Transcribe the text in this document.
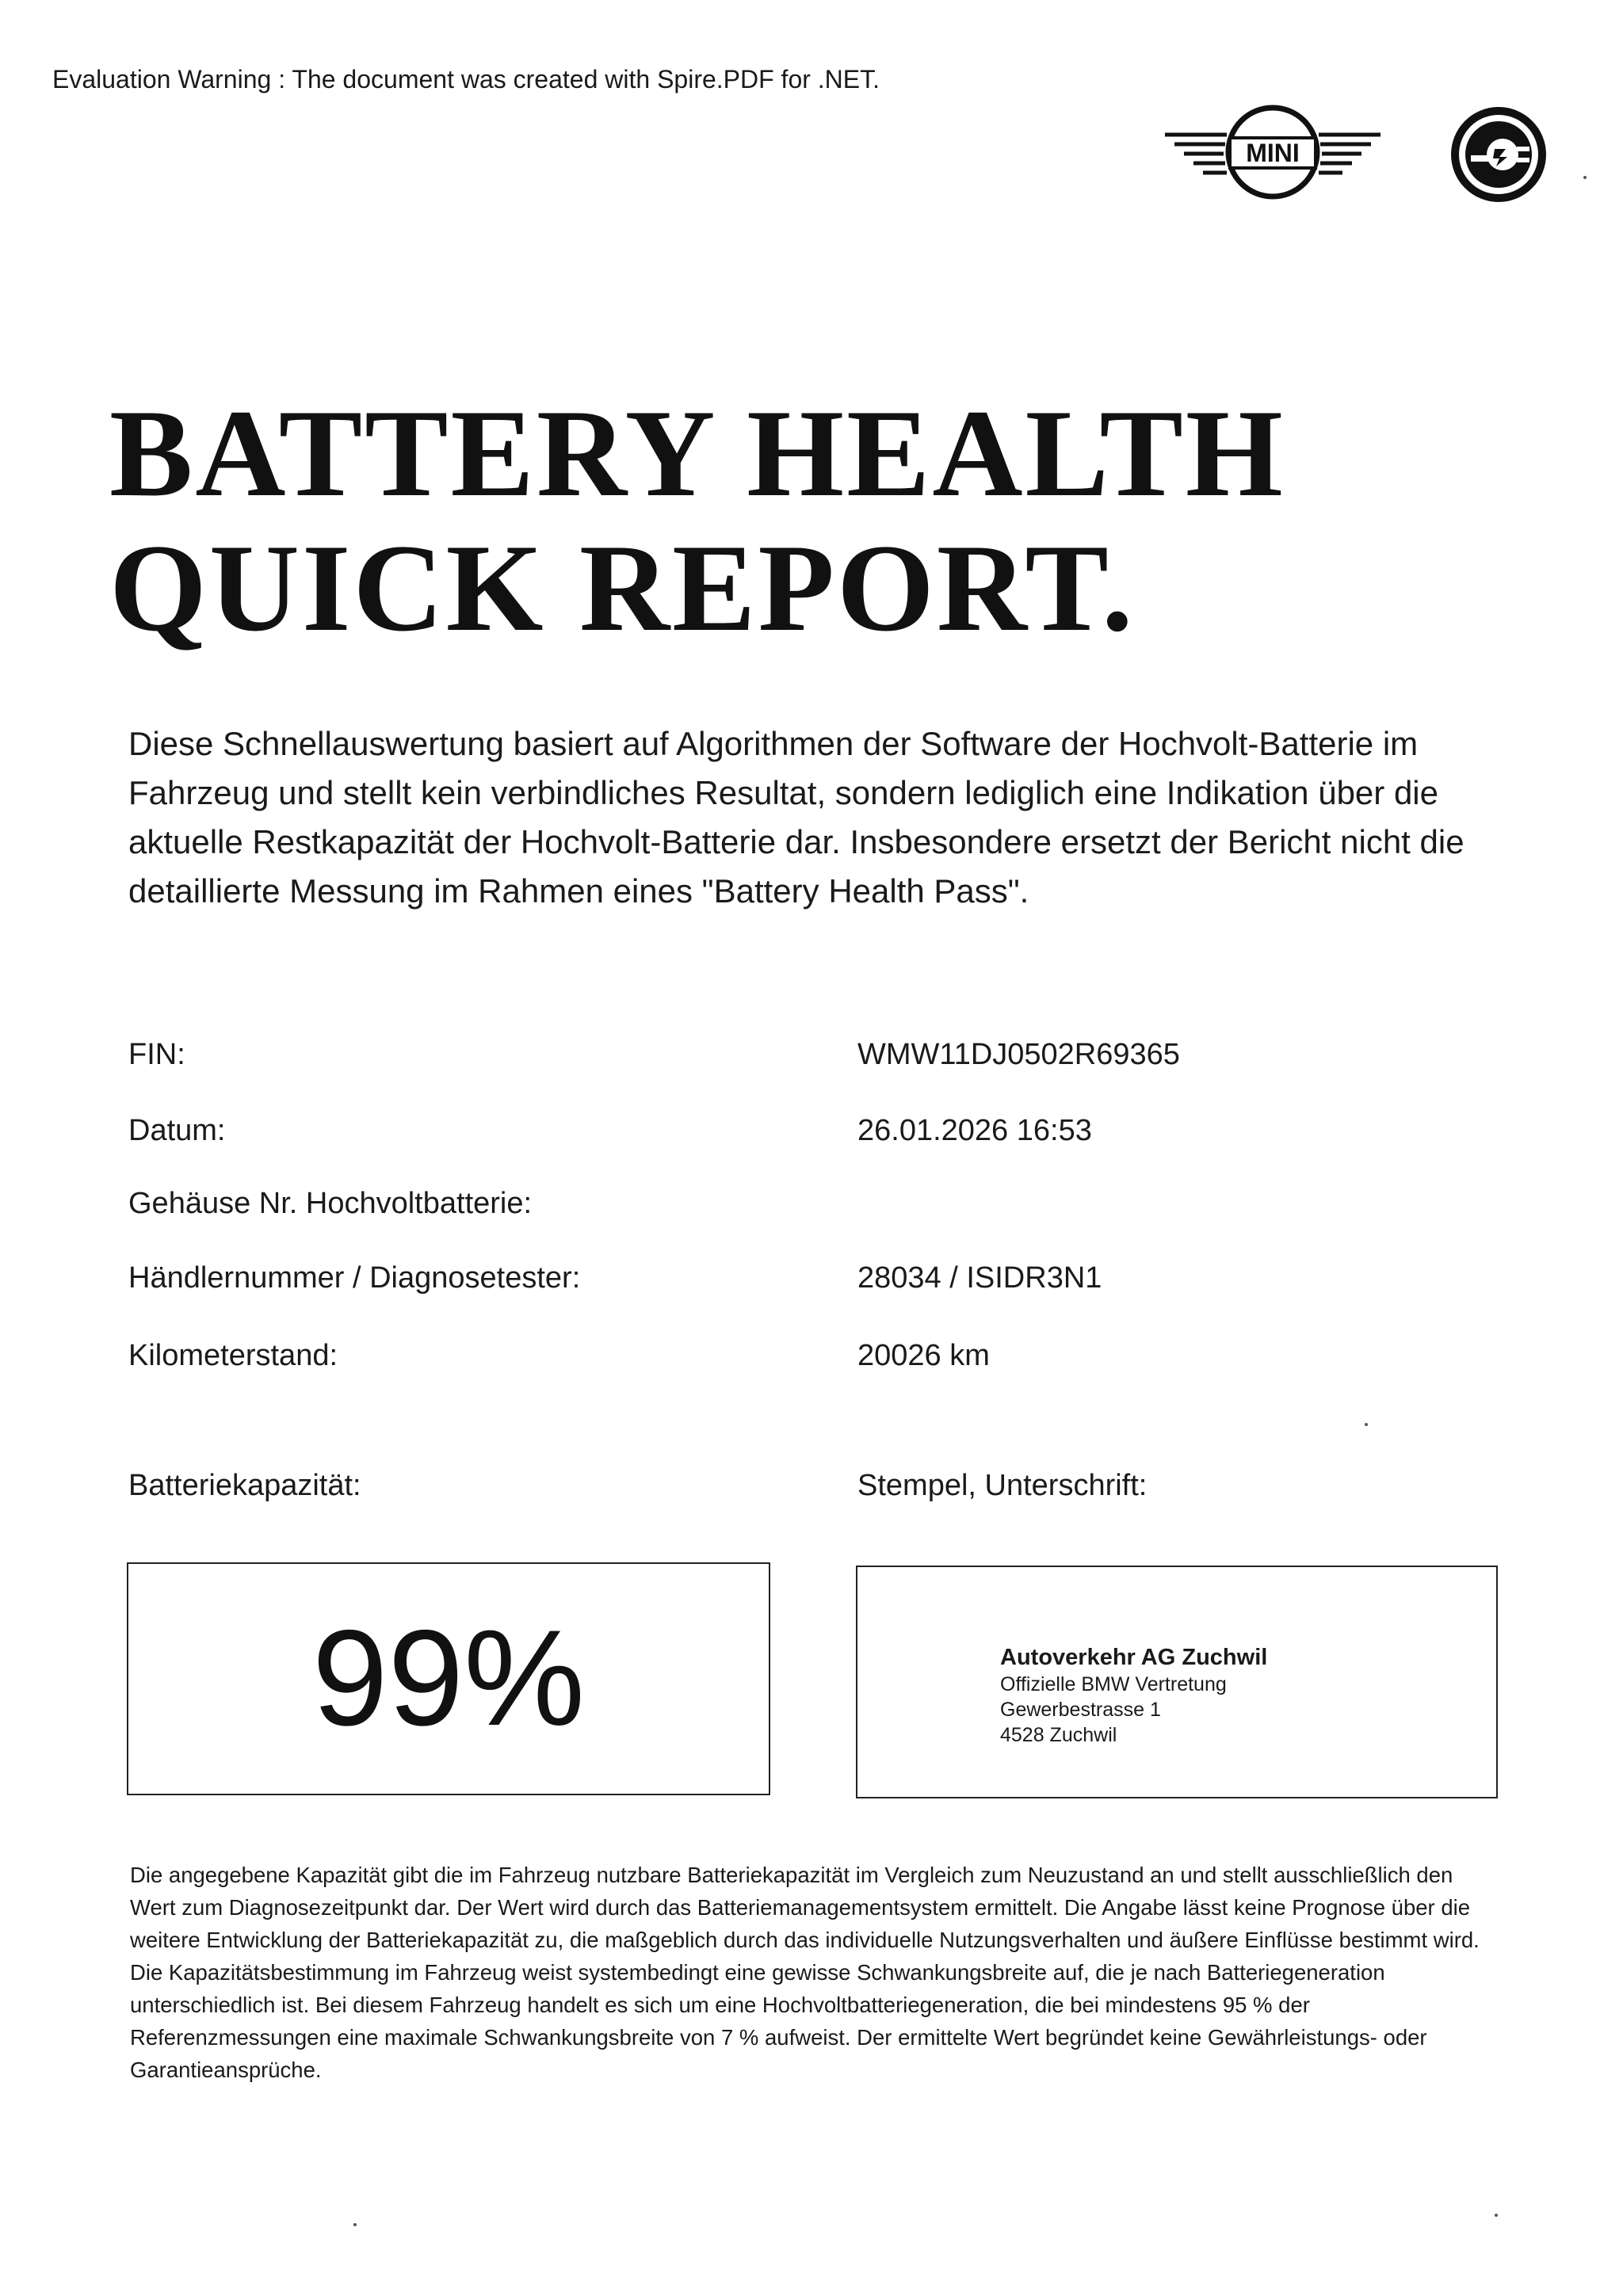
Evaluation Warning : The document was created with Spire.PDF for .NET.
MINI
BATTERY HEALTH
QUICK REPORT.
Diese Schnellauswertung basiert auf Algorithmen der Software der Hochvolt-Batterie im Fahrzeug und stellt kein verbindliches Resultat, sondern lediglich eine Indikation über die aktuelle Restkapazität der Hochvolt-Batterie dar. Insbesondere ersetzt der Bericht nicht die detaillierte Messung im Rahmen eines "Battery Health Pass".
FIN:	WMW11DJ0502R69365
Datum:	26.01.2026 16:53
Gehäuse Nr. Hochvoltbatterie:
Händlernummer / Diagnosetester:	28034 / ISIDR3N1
Kilometerstand:	20026 km
Batteriekapazität:	Stempel, Unterschrift:
99%	Autoverkehr AG Zuchwil
Offizielle BMW Vertretung
Gewerbestrasse 1
4528 Zuchwil
Die angegebene Kapazität gibt die im Fahrzeug nutzbare Batteriekapazität im Vergleich zum Neuzustand an und stellt ausschließlich den Wert zum Diagnosezeitpunkt dar. Der Wert wird durch das Batteriemanagementsystem ermittelt. Die Angabe lässt keine Prognose über die weitere Entwicklung der Batteriekapazität zu, die maßgeblich durch das individuelle Nutzungsverhalten und äußere Einflüsse bestimmt wird. Die Kapazitätsbestimmung im Fahrzeug weist systembedingt eine gewisse Schwankungsbreite auf, die je nach Batteriegeneration unterschiedlich ist. Bei diesem Fahrzeug handelt es sich um eine Hochvoltbatteriegeneration, die bei mindestens 95 % der Referenzmessungen eine maximale Schwankungsbreite von 7 % aufweist. Der ermittelte Wert begründet keine Gewährleistungs- oder Garantieansprüche.
